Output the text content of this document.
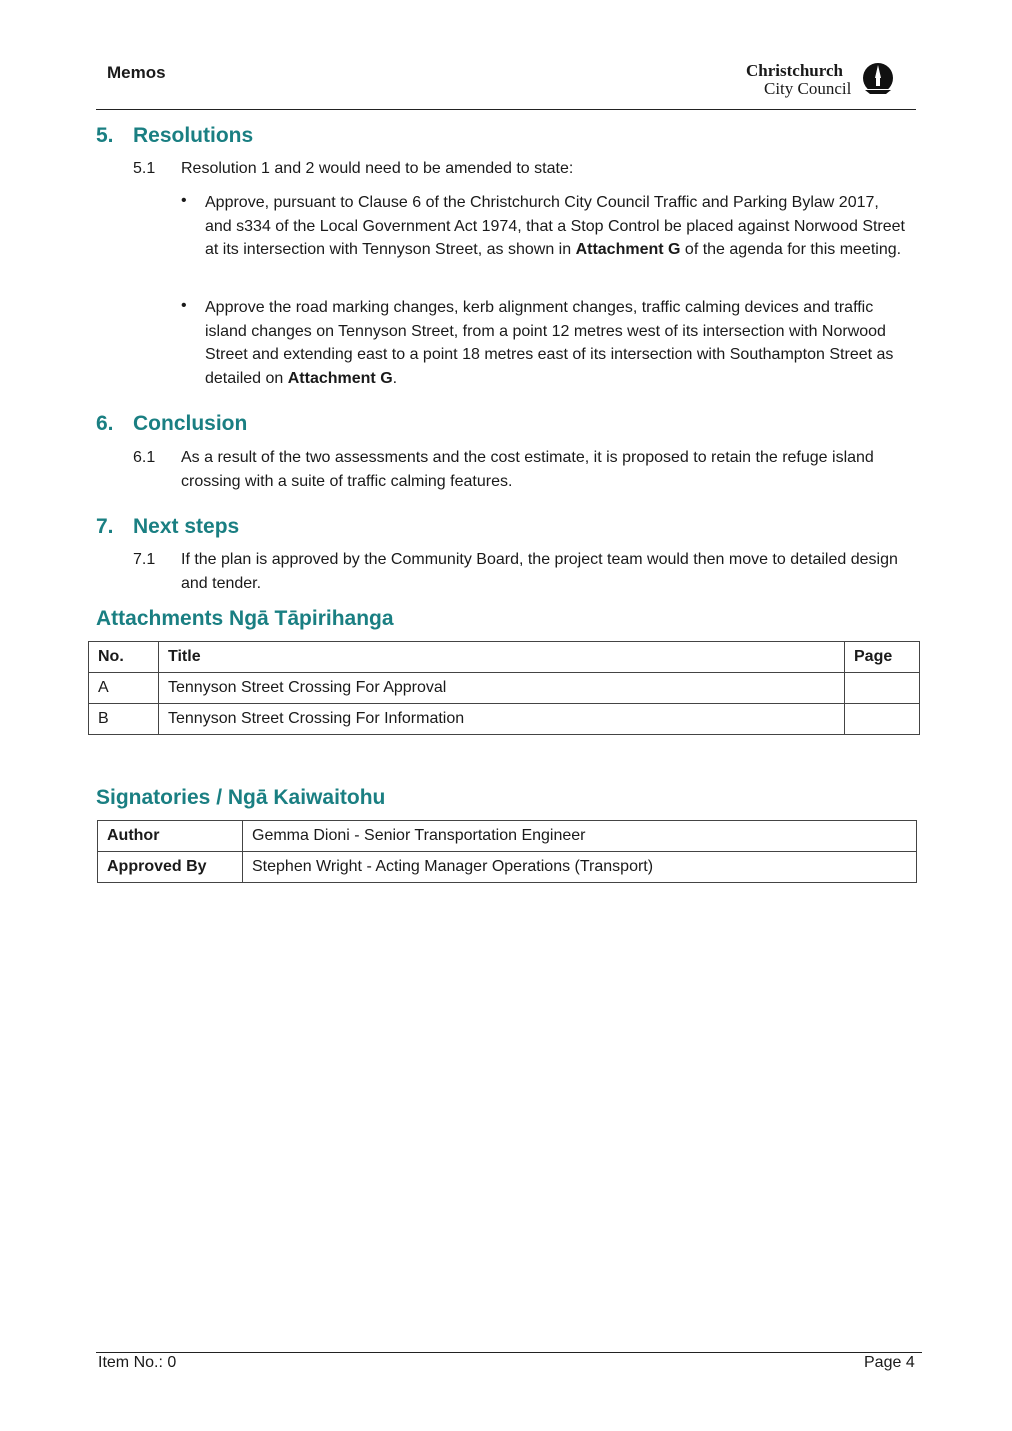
Memos	Christchurch
City Council
5. Resolutions
5.1 Resolution 1 and 2 would need to be amended to state:
• Approve, pursuant to Clause 6 of the Christchurch City Council Traffic and Parking Bylaw 2017, and s334 of the Local Government Act 1974, that a Stop Control be placed against Norwood Street at its intersection with Tennyson Street, as shown in Attachment G of the agenda for this meeting.
• Approve the road marking changes, kerb alignment changes, traffic calming devices and traffic island changes on Tennyson Street, from a point 12 metres west of its intersection with Norwood Street and extending east to a point 18 metres east of its intersection with Southampton Street as detailed on Attachment G.
6. Conclusion
6.1 As a result of the two assessments and the cost estimate, it is proposed to retain the refuge island crossing with a suite of traffic calming features.
7. Next steps
7.1 If the plan is approved by the Community Board, the project team would then move to detailed design and tender.
Attachments Ngā Tāpirihanga
No.	Title	Page
A	Tennyson Street Crossing For Approval	
B	Tennyson Street Crossing For Information	
Signatories / Ngā Kaiwaitohu
Author	Gemma Dioni - Senior Transportation Engineer
Approved By	Stephen Wright - Acting Manager Operations (Transport)
Item No.: 0	Page 4
